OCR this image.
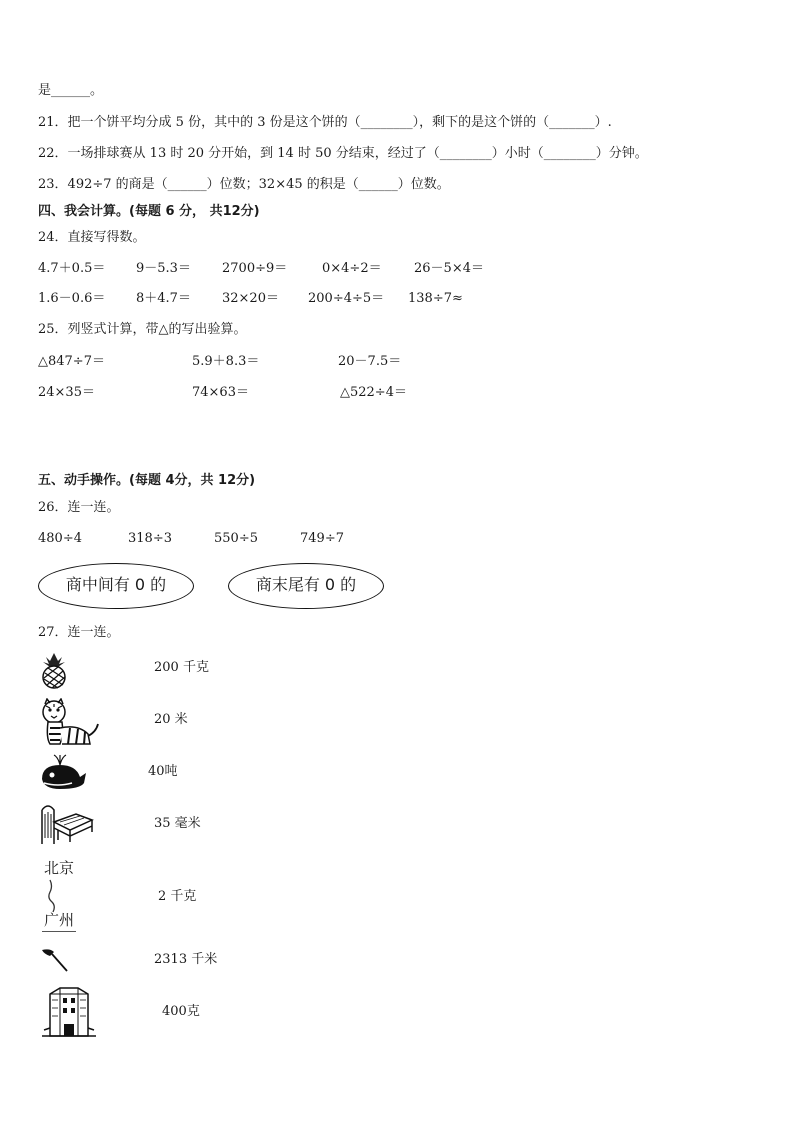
是______。
21．把一个饼平均分成 5 份，其中的 3 份是这个饼的（________），剩下的是这个饼的（_______）.
22．一场排球赛从 13 时 20 分开始，到 14 时 50 分结束，经过了（________）小时（________）分钟。
23．492÷7 的商是（______）位数；32×45 的积是（______）位数。
四、我会计算。(每题 6 分， 共12分)
24．直接写得数。
4.7＋0.5＝ 9－5.3＝ 2700÷9＝	0×4÷2＝ 26－5×4＝
1.6－0.6＝ 8＋4.7＝ 32×20＝ 200÷4÷5＝ 138÷7≈
25．列竖式计算，带△的写出验算。
△847÷7＝	5.9＋8.3＝	20－7.5＝
24×35＝	74×63＝	△522÷4＝
五、动手操作。(每题 4分，共 12分)
26．连一连。
480÷4	318÷3	550÷5	749÷7
商中间有 0 的	商末尾有 0 的
27．连一连。
北京
广州
200 千克
20 米
40吨
35 毫米
2 千克
2313 千米
400克
